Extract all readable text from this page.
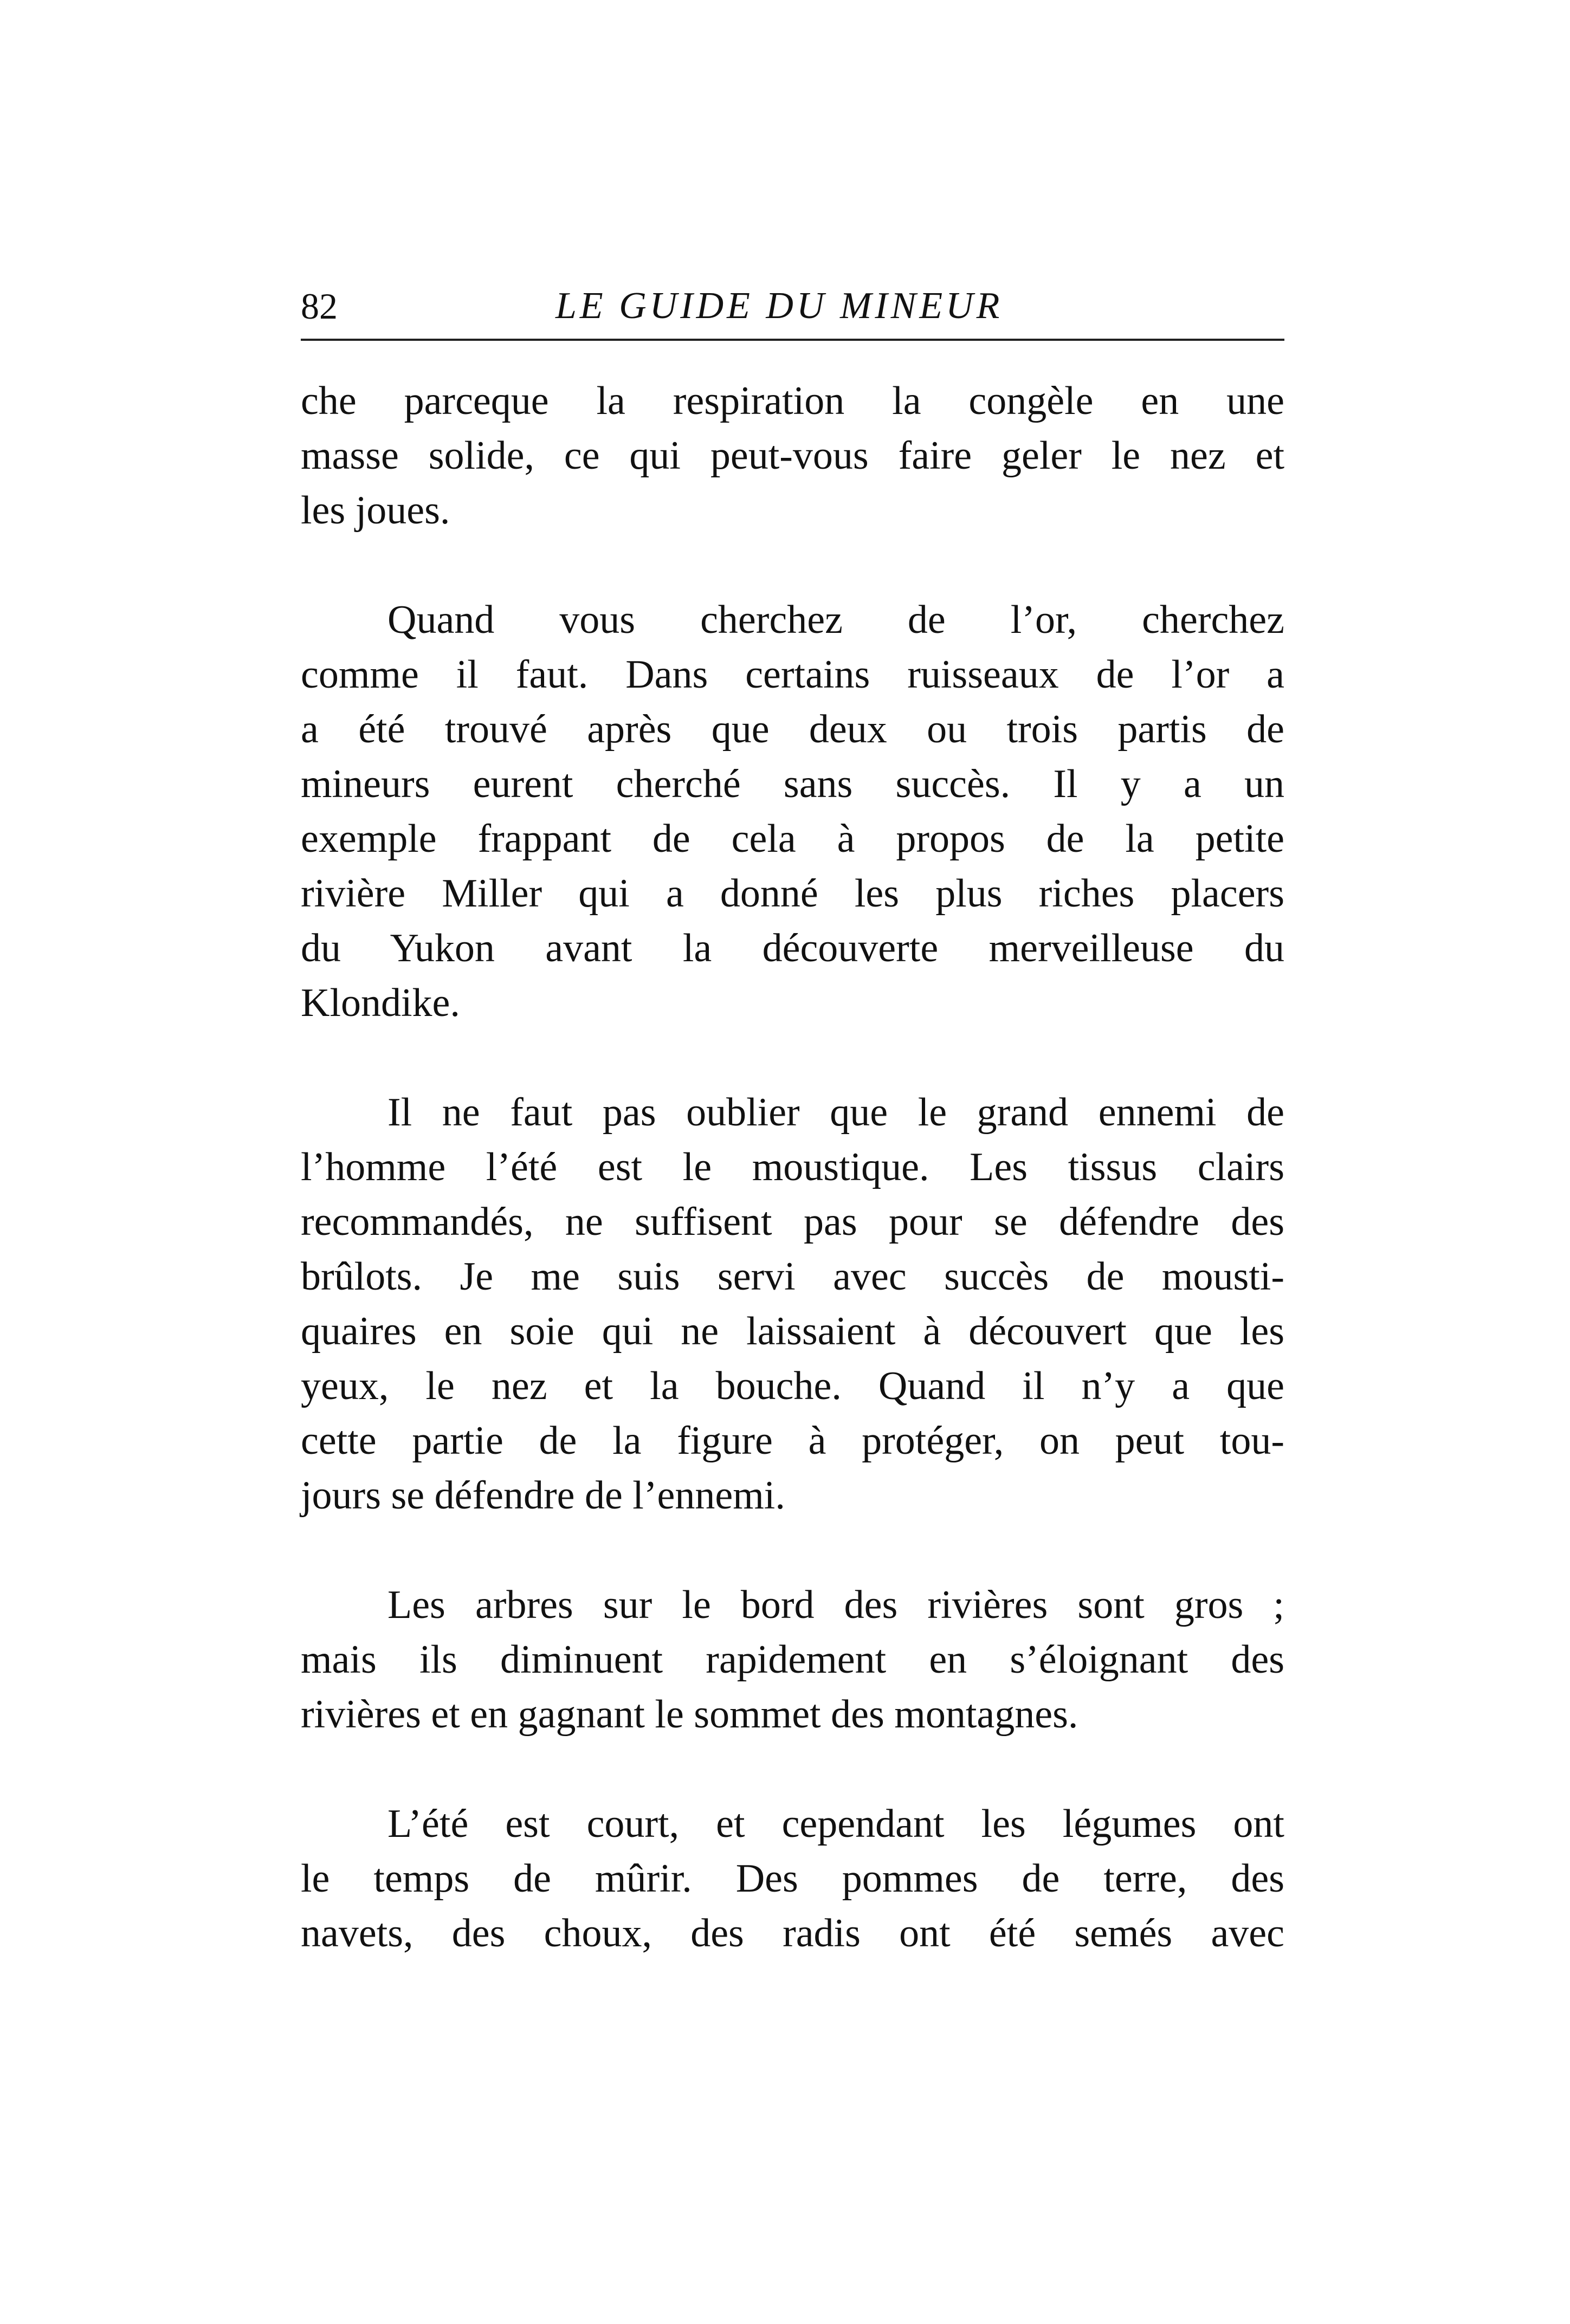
82	LE GUIDE DU MINEUR
che parceque la respiration la congèle en une
masse solide, ce qui peut-vous faire geler le nez et
les joues.
Quand vous cherchez de l’or, cherchez
comme il faut. Dans certains ruisseaux de l’or a
a été trouvé après que deux ou trois partis de
mineurs eurent cherché sans succès. Il y a un
exemple frappant de cela à propos de la petite
rivière Miller qui a donné les plus riches placers
du Yukon avant la découverte merveilleuse du
Klondike.
Il ne faut pas oublier que le grand ennemi de
l’homme l’été est le moustique. Les tissus clairs
recommandés, ne suffisent pas pour se défendre des
brûlots. Je me suis servi avec succès de mousti-
quaires en soie qui ne laissaient à découvert que les
yeux, le nez et la bouche. Quand il n’y a que
cette partie de la figure à protéger, on peut tou-
jours se défendre de l’ennemi.
Les arbres sur le bord des rivières sont gros ;
mais ils diminuent rapidement en s’éloignant des
rivières et en gagnant le sommet des montagnes.
L’été est court, et cependant les légumes ont
le temps de mûrir. Des pommes de terre, des
navets, des choux, des radis ont été semés avec
